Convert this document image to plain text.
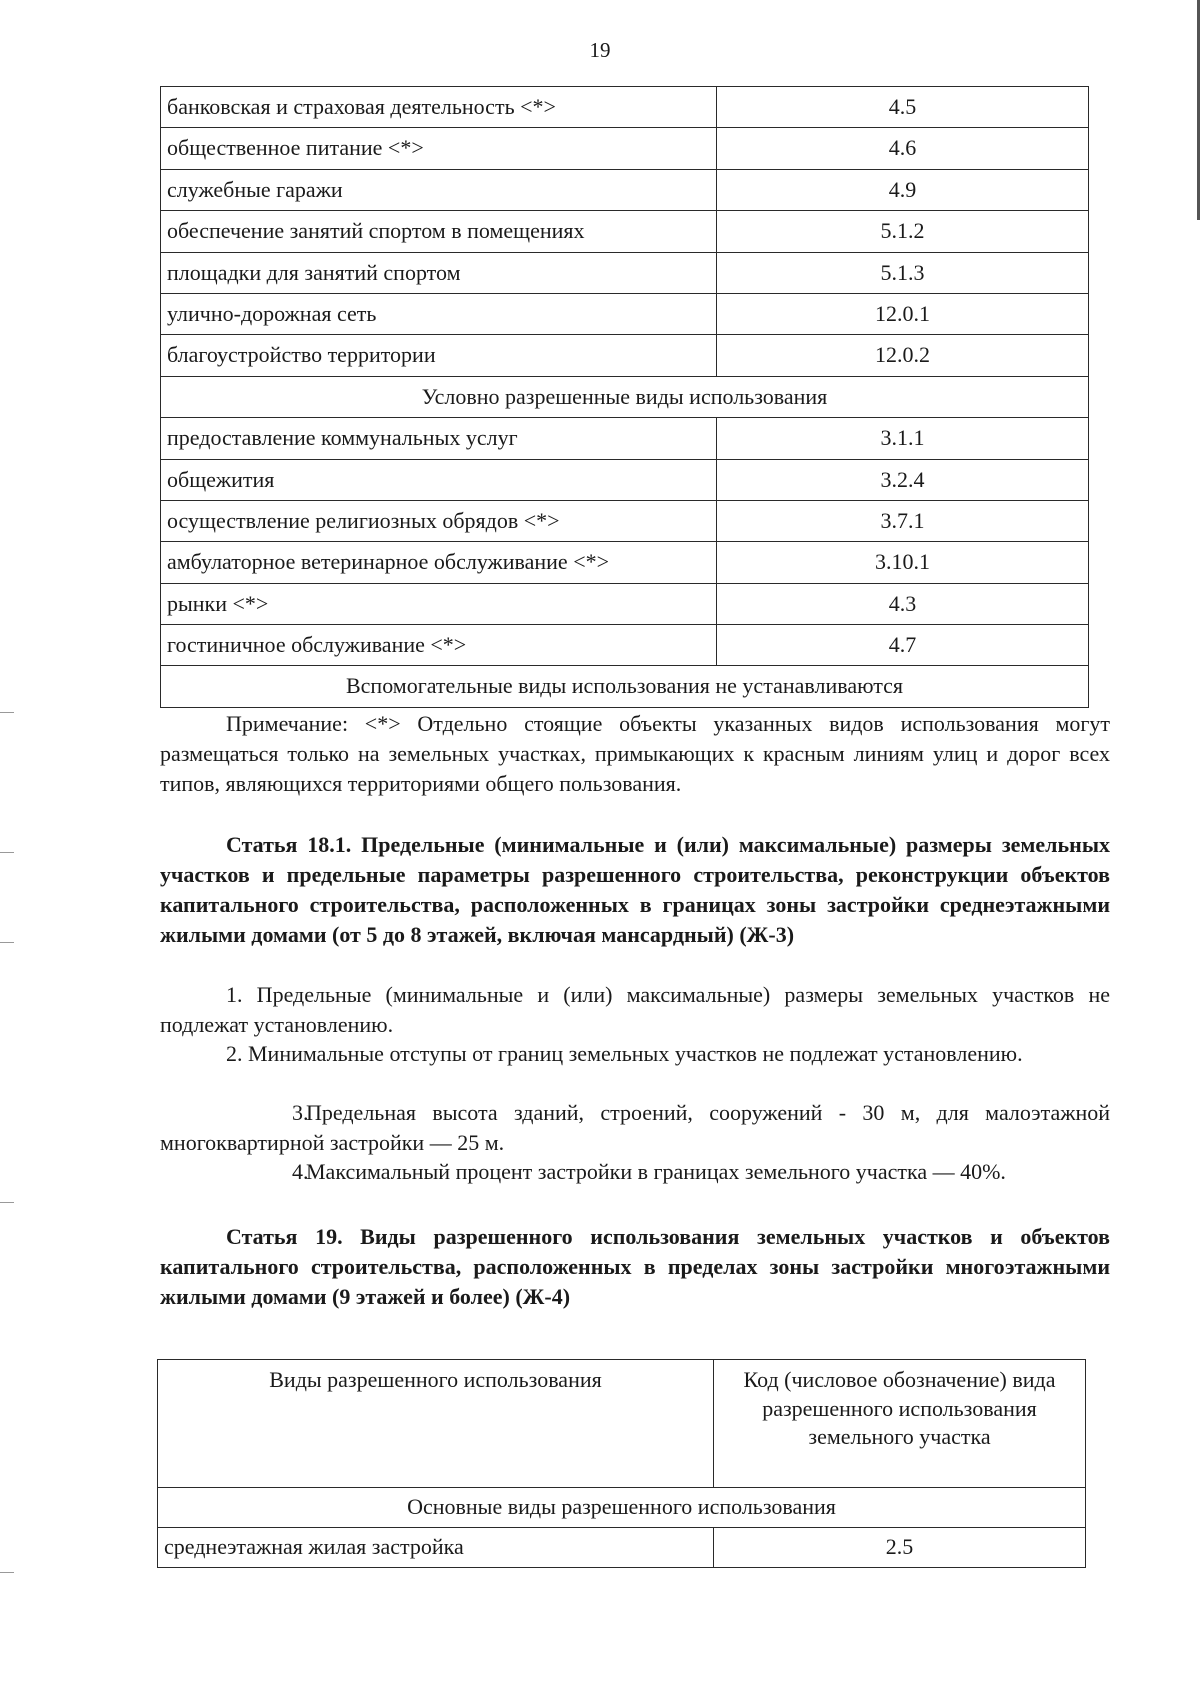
19
банковская и страховая деятельность <*>	4.5
общественное питание <*>	4.6
служебные гаражи	4.9
обеспечение занятий спортом в помещениях	5.1.2
площадки для занятий спортом	5.1.3
улично-дорожная сеть	12.0.1
благоустройство территории	12.0.2
Условно разрешенные виды использования	
предоставление коммунальных услуг	3.1.1
общежития	3.2.4
осуществление религиозных обрядов <*>	3.7.1
амбулаторное ветеринарное обслуживание <*>	3.10.1
рынки <*>	4.3
гостиничное обслуживание <*>	4.7
Вспомогательные виды использования не устанавливаются	
Примечание: <*> Отдельно стоящие объекты указанных видов использования могут размещаться только на земельных участках, примыкающих к красным линиям улиц и дорог всех типов, являющихся территориями общего пользования.
Статья 18.1. Предельные (минимальные и (или) максимальные) размеры земельных участков и предельные параметры разрешенного строительства, реконструкции объектов капитального строительства, расположенных в границах зоны застройки среднеэтажными жилыми домами (от 5 до 8 этажей, включая мансардный) (Ж-3)
1. Предельные (минимальные и (или) максимальные) размеры земельных участков не подлежат установлению.
2. Минимальные отступы от границ земельных участков не подлежат установлению.
3.Предельная высота зданий, строений, сооружений - 30 м, для малоэтажной многоквартирной застройки — 25 м.
4.Максимальный процент застройки в границах земельного участка — 40%.
Статья 19. Виды разрешенного использования земельных участков и объектов капитального строительства, расположенных в пределах зоны застройки многоэтажными жилыми домами (9 этажей и более) (Ж-4)
Виды разрешенного использования	Код (числовое обозначение) вида разрешенного использования земельного участка
Основные виды разрешенного использования	
среднеэтажная жилая застройка	2.5
